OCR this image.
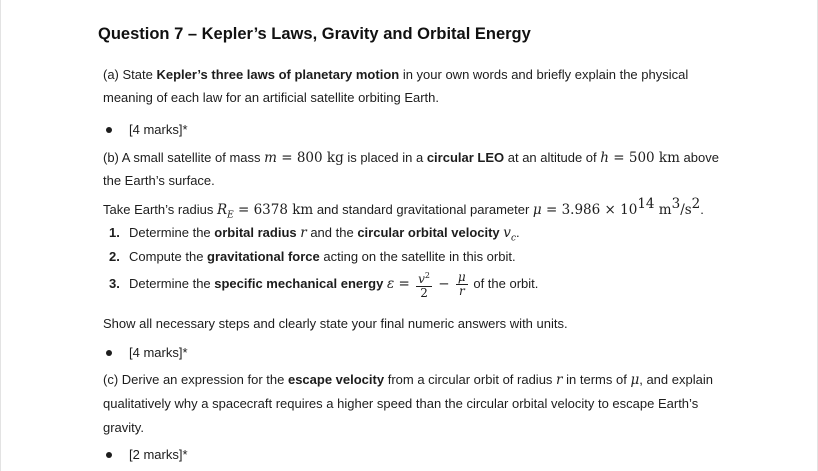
Question 7 – Kepler’s Laws, Gravity and Orbital Energy
(a) State Kepler’s three laws of planetary motion in your own words and briefly explain the physical
meaning of each law for an artificial satellite orbiting Earth.
[4 marks]*
(b) A small satellite of mass m = 800 kg is placed in a circular LEO at an altitude of h = 500 km above
the Earth’s surface.
Take Earth’s radius $R_E = 6378$ km and standard gravitational parameter $\mu = 3.986 \times 10^{14}$ $m^3/s^2$.
1. Determine the orbital radius r and the circular orbital velocity $v_c$.
2. Compute the gravitational force acting on the satellite in this orbit.
3. Determine the specific mechanical energy $\varepsilon = \frac{v^2}{2} - \frac{\mu}{r}$ of the orbit.
Show all necessary steps and clearly state your final numeric answers with units.
[4 marks]*
(c) Derive an expression for the escape velocity from a circular orbit of radius r in terms of μ, and explain
qualitatively why a spacecraft requires a higher speed than the circular orbital velocity to escape Earth’s
gravity.
[2 marks]*
